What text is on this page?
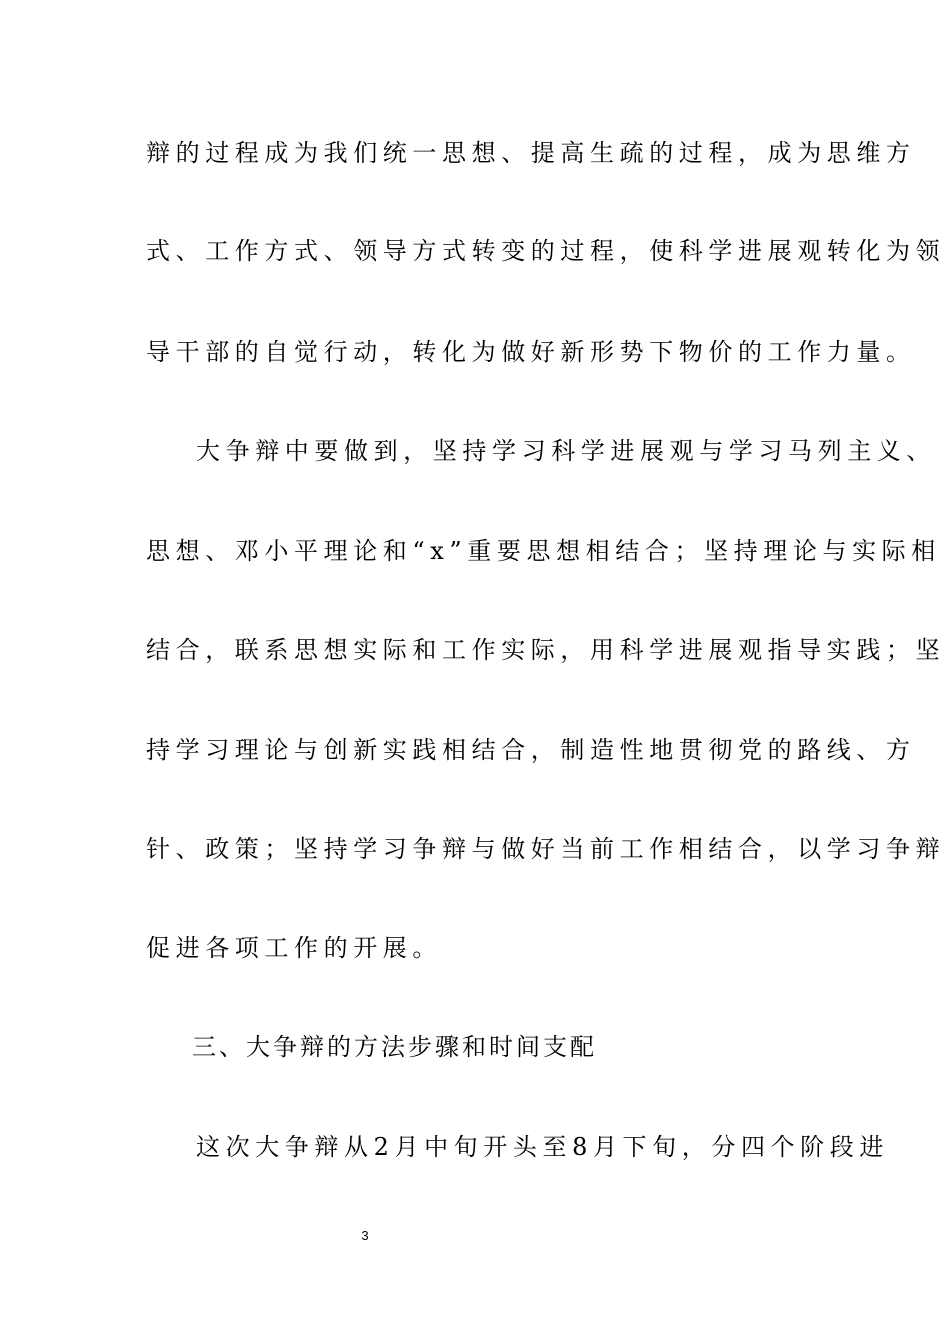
辩的过程成为我们统一思想、提高生疏的过程，成为思维方
式、工作方式、领导方式转变的过程，使科学进展观转化为领
导干部的自觉行动，转化为做好新形势下物价的工作力量。
大争辩中要做到，坚持学习科学进展观与学习马列主义、
思想、邓小平理论和“x”重要思想相结合；坚持理论与实际相
结合，联系思想实际和工作实际，用科学进展观指导实践；坚
持学习理论与创新实践相结合，制造性地贯彻党的路线、方
针、政策；坚持学习争辩与做好当前工作相结合，以学习争辩
促进各项工作的开展。
三、大争辩的方法步骤和时间支配
这次大争辩从2月中旬开头至8月下旬，分四个阶段进
3
